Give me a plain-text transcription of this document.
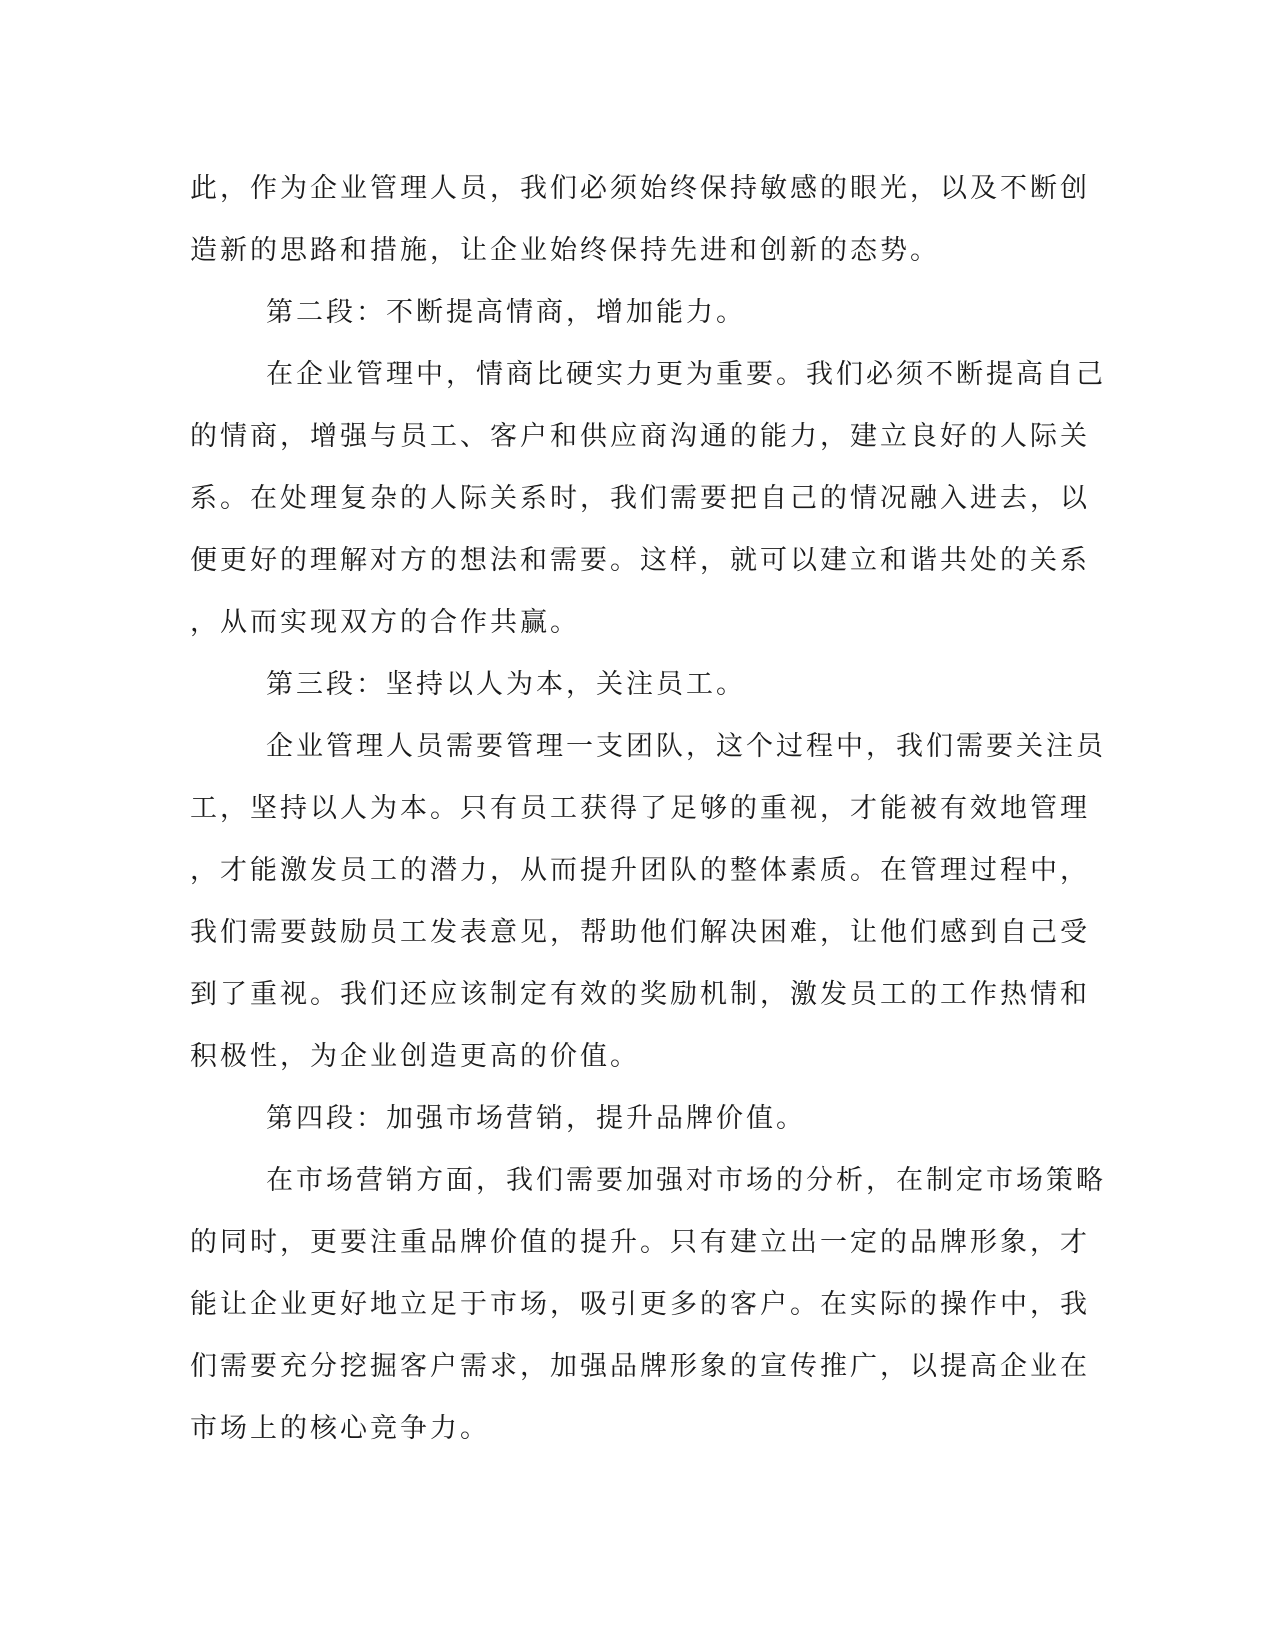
此，作为企业管理人员，我们必须始终保持敏感的眼光，以及不断创
造新的思路和措施，让企业始终保持先进和创新的态势。
第二段：不断提高情商，增加能力。
在企业管理中，情商比硬实力更为重要。我们必须不断提高自己
的情商，增强与员工、客户和供应商沟通的能力，建立良好的人际关
系。在处理复杂的人际关系时，我们需要把自己的情况融入进去，以
便更好的理解对方的想法和需要。这样，就可以建立和谐共处的关系
，从而实现双方的合作共赢。
第三段：坚持以人为本，关注员工。
企业管理人员需要管理一支团队，这个过程中，我们需要关注员
工，坚持以人为本。只有员工获得了足够的重视，才能被有效地管理
，才能激发员工的潜力，从而提升团队的整体素质。在管理过程中，
我们需要鼓励员工发表意见，帮助他们解决困难，让他们感到自己受
到了重视。我们还应该制定有效的奖励机制，激发员工的工作热情和
积极性，为企业创造更高的价值。
第四段：加强市场营销，提升品牌价值。
在市场营销方面，我们需要加强对市场的分析，在制定市场策略
的同时，更要注重品牌价值的提升。只有建立出一定的品牌形象，才
能让企业更好地立足于市场，吸引更多的客户。在实际的操作中，我
们需要充分挖掘客户需求，加强品牌形象的宣传推广，以提高企业在
市场上的核心竞争力。
